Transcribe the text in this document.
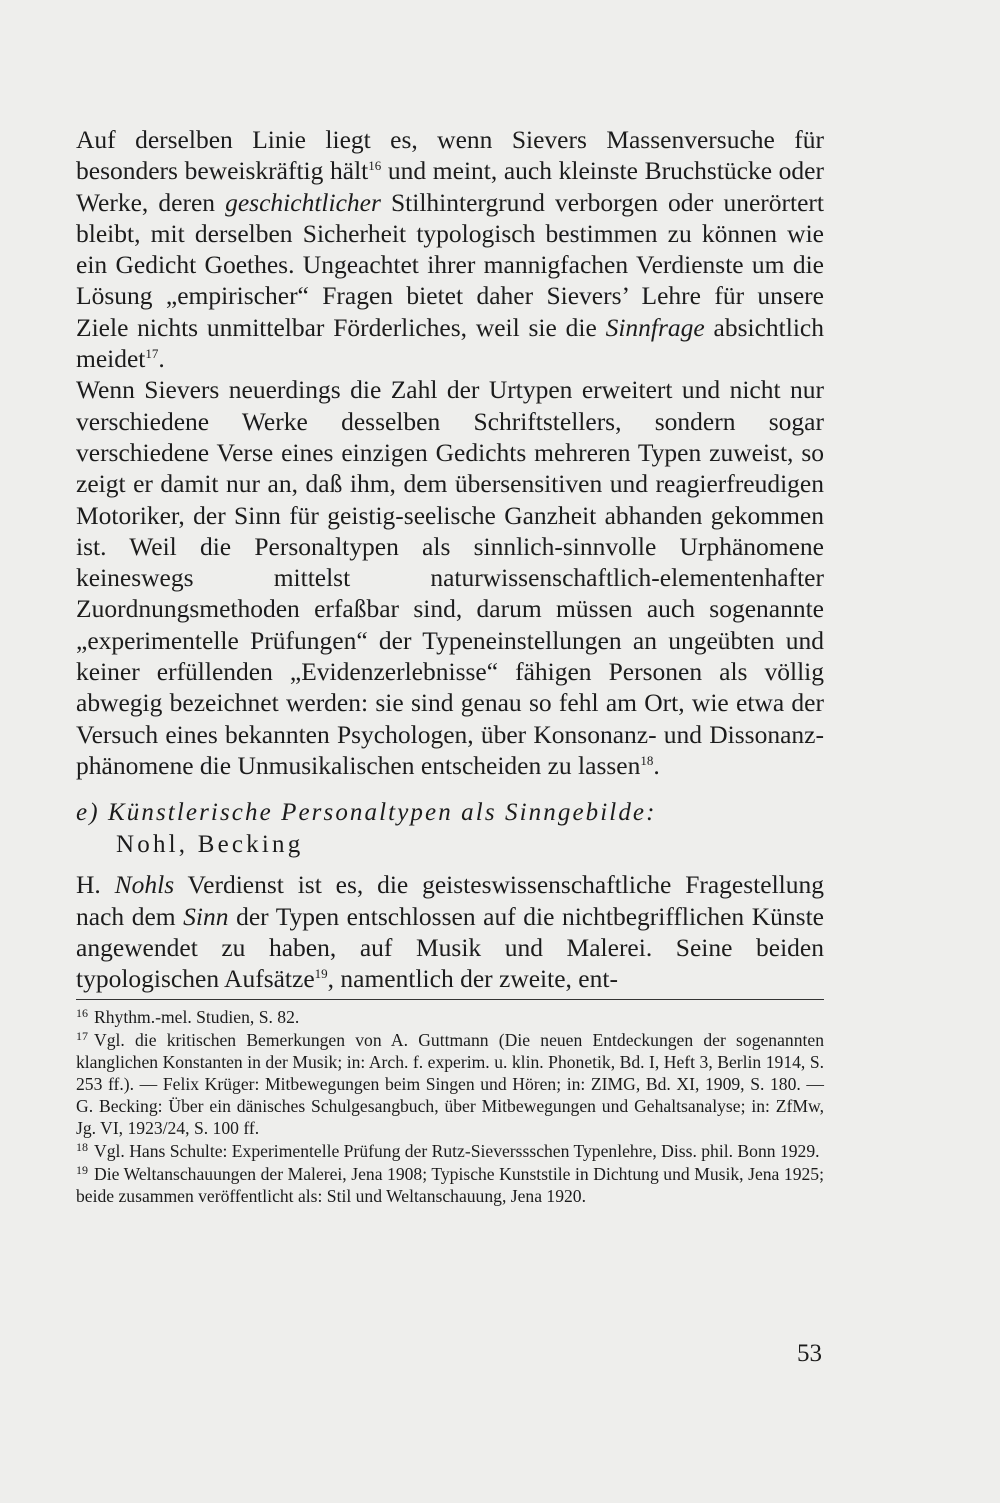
Auf derselben Linie liegt es, wenn Sievers Massenversuche für besonders beweiskräftig hält$^{16}$ und meint, auch kleinste Bruchstücke oder Werke, deren geschichtlicher Stilhintergrund verborgen oder unerörtert bleibt, mit derselben Sicherheit typologisch bestimmen zu können wie ein Gedicht Goethes. Ungeachtet ihrer mannigfachen Verdienste um die Lösung „empirischer“ Fragen bietet daher Sievers’ Lehre für unsere Ziele nichts unmittelbar Förderliches, weil sie die Sinnfrage absichtlich meidet$^{17}$.

Wenn Sievers neuerdings die Zahl der Urtypen erweitert und nicht nur verschiedene Werke desselben Schriftstellers, sondern sogar verschiedene Verse eines einzigen Gedichts mehreren Typen zuweist, so zeigt er damit nur an, daß ihm, dem übersensitiven und reagierfreudigen Motoriker, der Sinn für geistig-seelische Ganzheit abhanden gekommen ist. Weil die Personaltypen als sinnlich-sinnvolle Urphänomene keineswegs mittelst naturwissenschaftlich-elementenhafter Zuordnungsmethoden erfaßbar sind, darum müssen auch sogenannte „experimentelle Prüfungen“ der Typeneinstellungen an ungeübten und keiner erfüllenden „Evidenzerlebnisse“ fähigen Personen als völlig abwegig bezeichnet werden: sie sind genau so fehl am Ort, wie etwa der Versuch eines bekannten Psychologen, über Konsonanz- und Dissonanzphänomene die Unmusikalischen entscheiden zu lassen$^{18}$.

e) Künstlerische Personaltypen als Sinngebilde:
Nohl, Becking

H. Nohls Verdienst ist es, die geisteswissenschaftliche Fragestellung nach dem Sinn der Typen entschlossen auf die nichtbegrifflichen Künste angewendet zu haben, auf Musik und Malerei. Seine beiden typologischen Aufsätze$^{19}$, namentlich der zweite, ent-

$^{16}$ Rhythm.-mel. Studien, S. 82.

$^{17}$ Vgl. die kritischen Bemerkungen von A. Guttmann (Die neuen Entdeckungen der sogenannten klanglichen Konstanten in der Musik; in: Arch. f. experim. u. klin. Phonetik, Bd. I, Heft 3, Berlin 1914, S. 253 ff.). — Felix Krüger: Mitbewegungen beim Singen und Hören; in: ZIMG, Bd. XI, 1909, S. 180. — G. Becking: Über ein dänisches Schulgesangbuch, über Mitbewegungen und Gehaltsanalyse; in: ZfMw, Jg. VI, 1923/24, S. 100 ff.

$^{18}$ Vgl. Hans Schulte: Experimentelle Prüfung der Rutz-Sieverssschen Typenlehre, Diss. phil. Bonn 1929.

$^{19}$ Die Weltanschauungen der Malerei, Jena 1908; Typische Kunststile in Dichtung und Musik, Jena 1925; beide zusammen veröffentlicht als: Stil und Weltanschauung, Jena 1920.

53
